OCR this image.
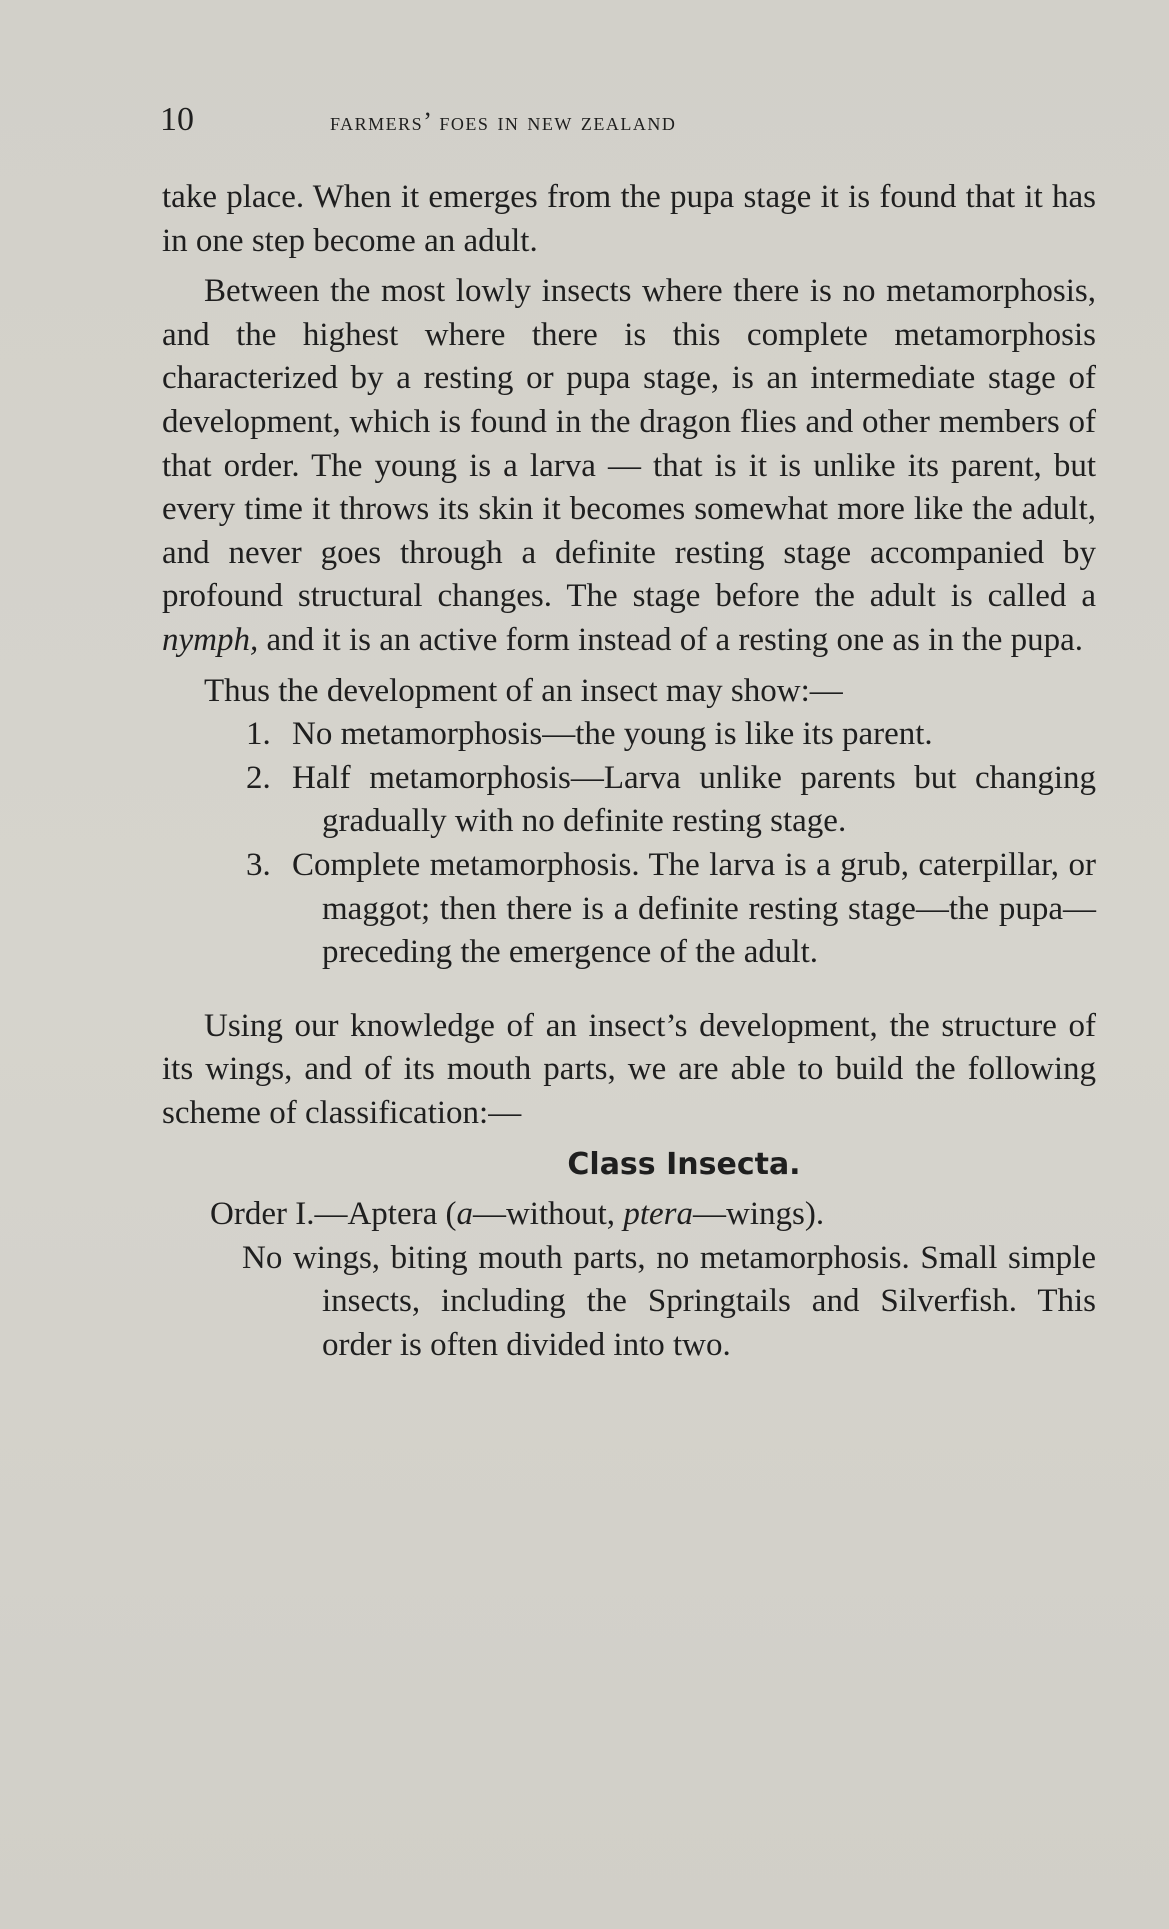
10	farmers’ foes in new zealand

take place. When it emerges from the pupa stage it is found that it has in one step become an adult.

Between the most lowly insects where there is no metamorphosis, and the highest where there is this complete metamorphosis characterized by a resting or pupa stage, is an intermediate stage of development, which is found in the dragon flies and other members of that order. The young is a larva — that is it is unlike its parent, but every time it throws its skin it becomes somewhat more like the adult, and never goes through a definite resting stage accompanied by profound structural changes. The stage before the adult is called a nymph, and it is an active form instead of a resting one as in the pupa.

Thus the development of an insect may show:—

1. No metamorphosis—the young is like its parent.
2. Half metamorphosis—Larva unlike parents but changing gradually with no definite resting stage.
3. Complete metamorphosis. The larva is a grub, caterpillar, or maggot; then there is a definite resting stage—the pupa—preceding the emergence of the adult.

Using our knowledge of an insect’s development, the structure of its wings, and of its mouth parts, we are able to build the following scheme of classification:—

Class Insecta.

Order I.—Aptera (a—without, ptera—wings).

No wings, biting mouth parts, no metamorphosis. Small simple insects, including the Springtails and Silverfish. This order is often divided into two.
